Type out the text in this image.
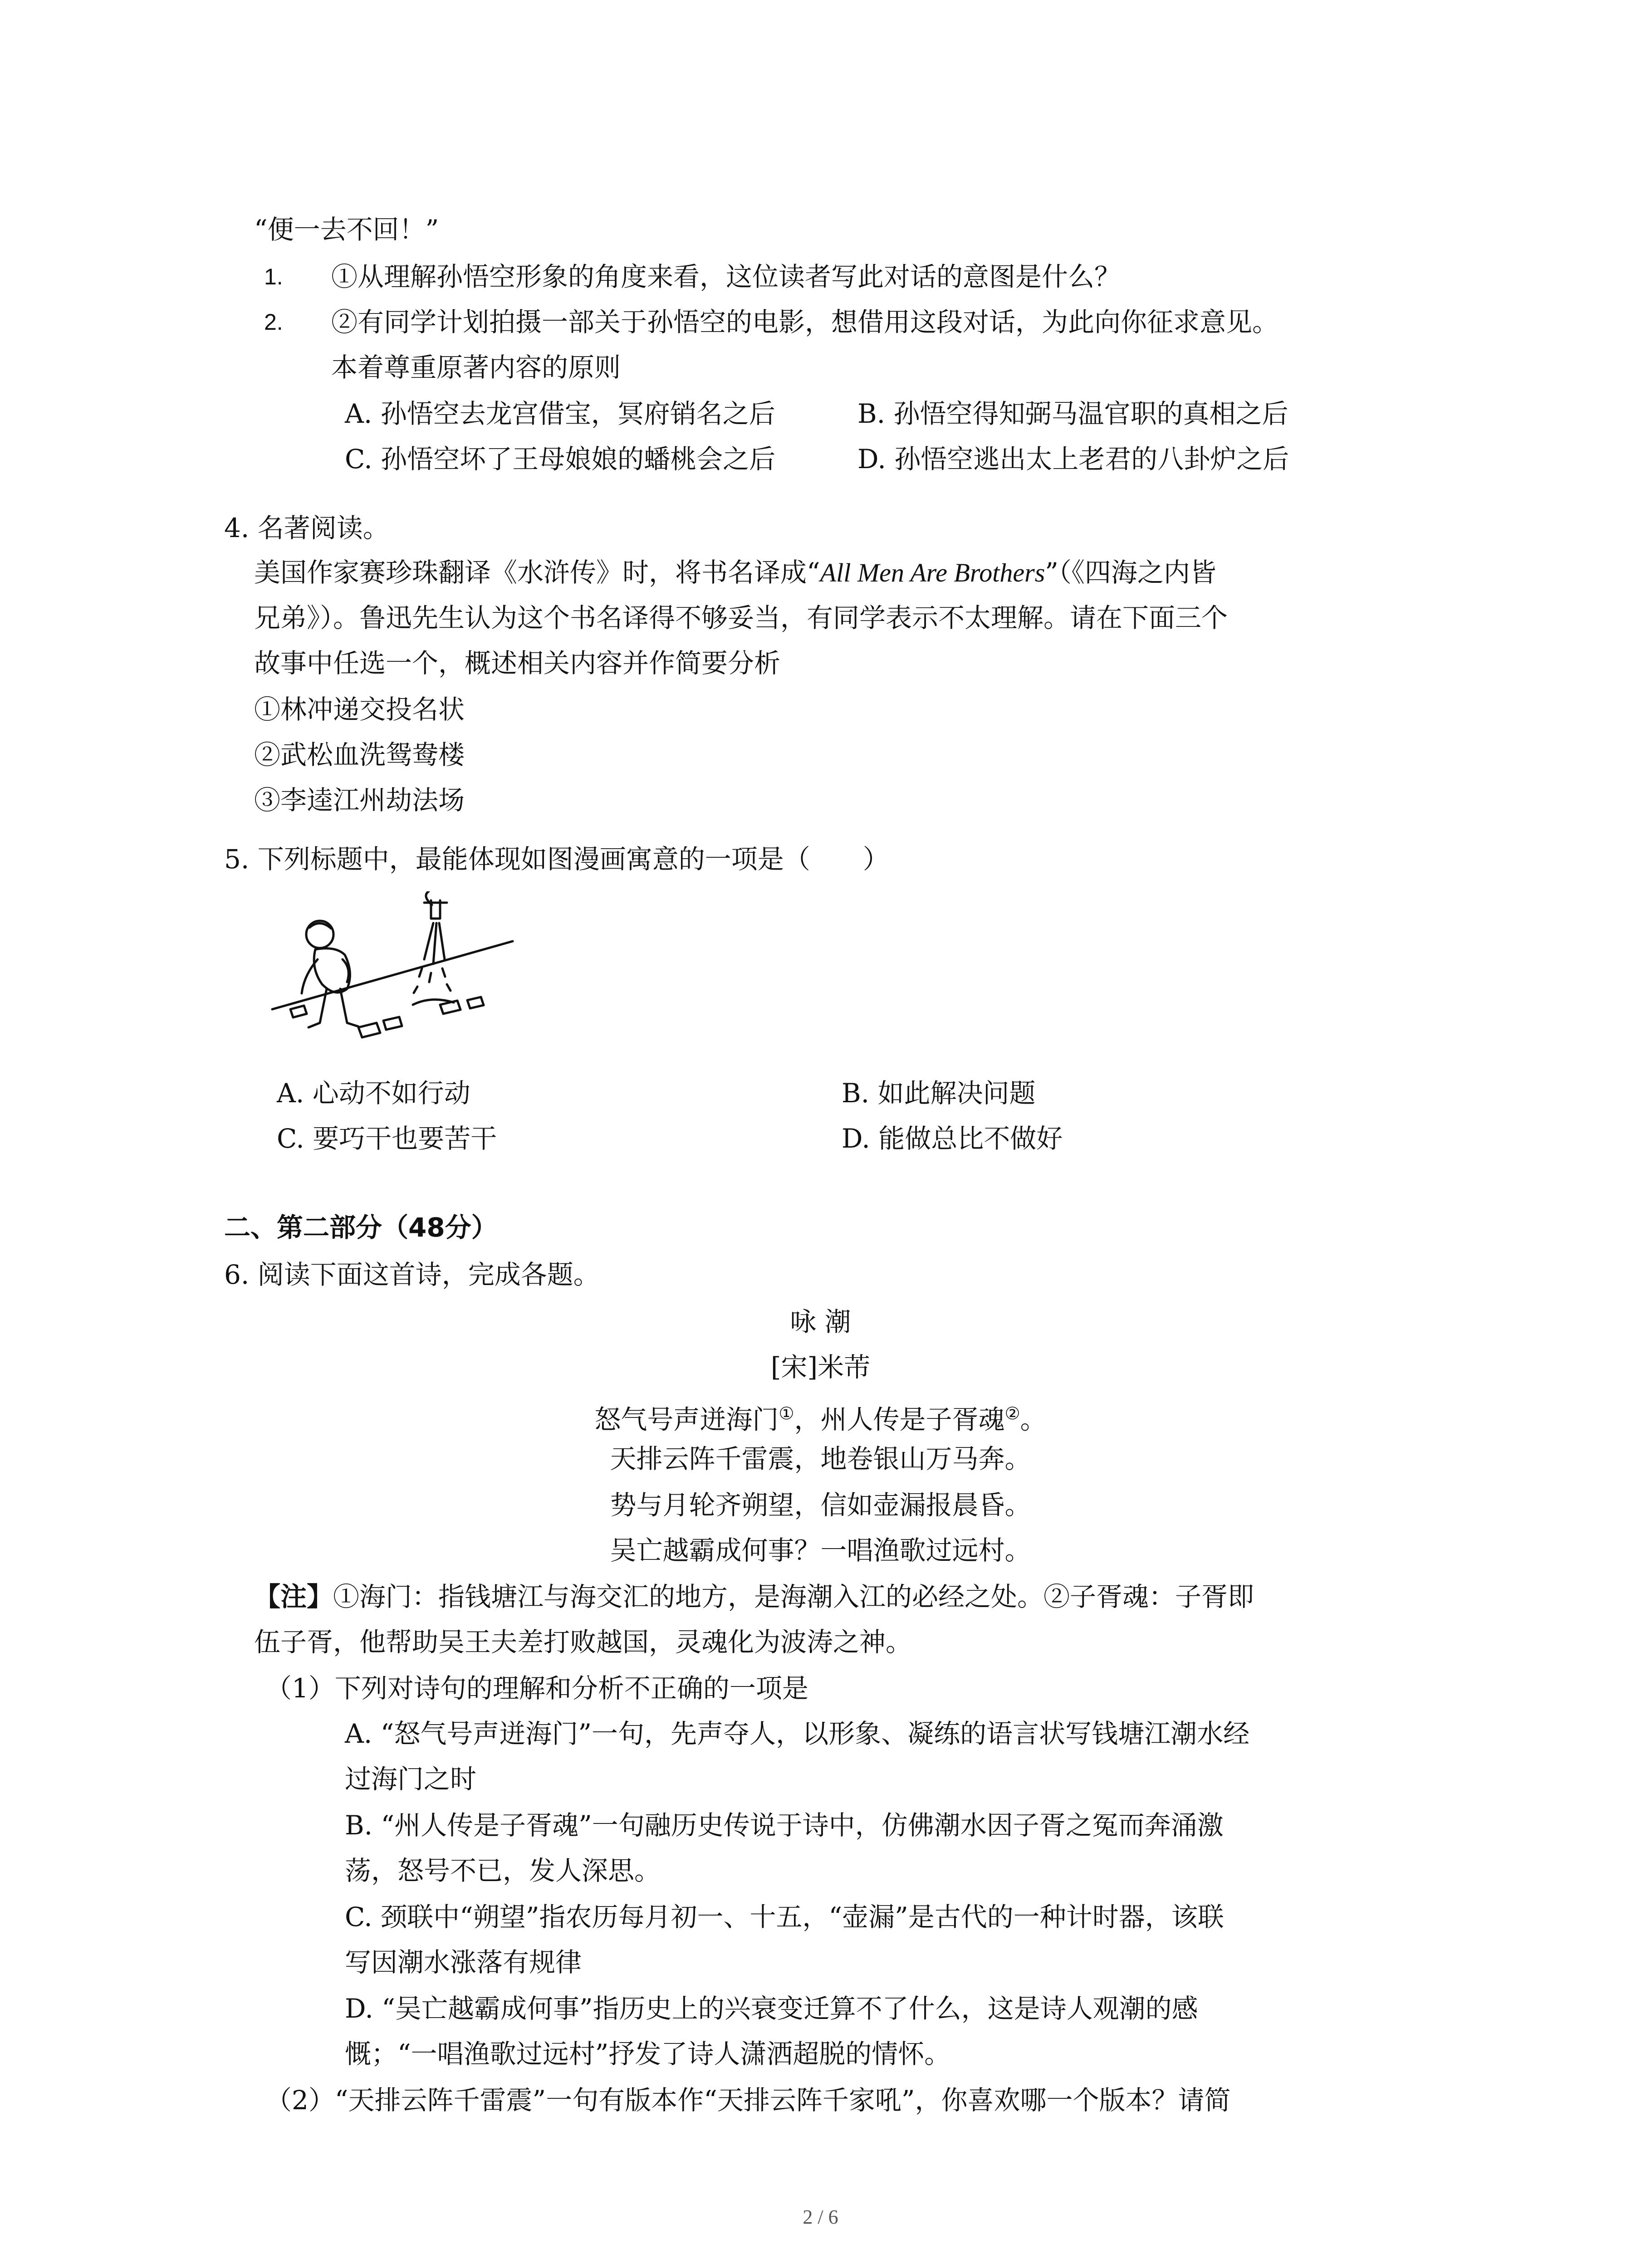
“便一去不回！”
1. ①从理解孙悟空形象的角度来看，这位读者写此对话的意图是什么？
2. ②有同学计划拍摄一部关于孙悟空的电影，想借用这段对话，为此向你征求意见。
本着尊重原著内容的原则
A. 孙悟空去龙宫借宝，冥府销名之后	B. 孙悟空得知弼马温官职的真相之后
C. 孙悟空坏了王母娘娘的蟠桃会之后	D. 孙悟空逃出太上老君的八卦炉之后
4. 名著阅读。
美国作家赛珍珠翻译《水浒传》时，将书名译成“All Men Are Brothers”（《四海之内皆
兄弟》）。鲁迅先生认为这个书名译得不够妥当，有同学表示不太理解。请在下面三个
故事中任选一个，概述相关内容并作简要分析
①林冲递交投名状
②武松血洗鸳鸯楼
③李逵江州劫法场
5. 下列标题中，最能体现如图漫画寓意的一项是（　　）
A. 心动不如行动	B. 如此解决问题
C. 要巧干也要苦干	D. 能做总比不做好
二、第二部分（48分）
6. 阅读下面这首诗，完成各题。
咏 潮
[宋]米芾
怒气号声迸海门①，州人传是子胥魂②。
天排云阵千雷震，地卷银山万马奔。
势与月轮齐朔望，信如壶漏报晨昏。
吴亡越霸成何事？一唱渔歌过远村。
【注】①海门：指钱塘江与海交汇的地方，是海潮入江的必经之处。②子胥魂：子胥即
伍子胥，他帮助吴王夫差打败越国，灵魂化为波涛之神。
（1）下列对诗句的理解和分析不正确的一项是
A. “怒气号声迸海门”一句，先声夺人，以形象、凝练的语言状写钱塘江潮水经
过海门之时
B. “州人传是子胥魂”一句融历史传说于诗中，仿佛潮水因子胥之冤而奔涌激
荡，怒号不已，发人深思。
C. 颈联中“朔望”指农历每月初一、十五，“壶漏”是古代的一种计时器，该联
写因潮水涨落有规律
D. “吴亡越霸成何事”指历史上的兴衰变迁算不了什么，这是诗人观潮的感
慨；“一唱渔歌过远村”抒发了诗人潇洒超脱的情怀。
（2）“天排云阵千雷震”一句有版本作“天排云阵千家吼”，你喜欢哪一个版本？请简
2 / 6
